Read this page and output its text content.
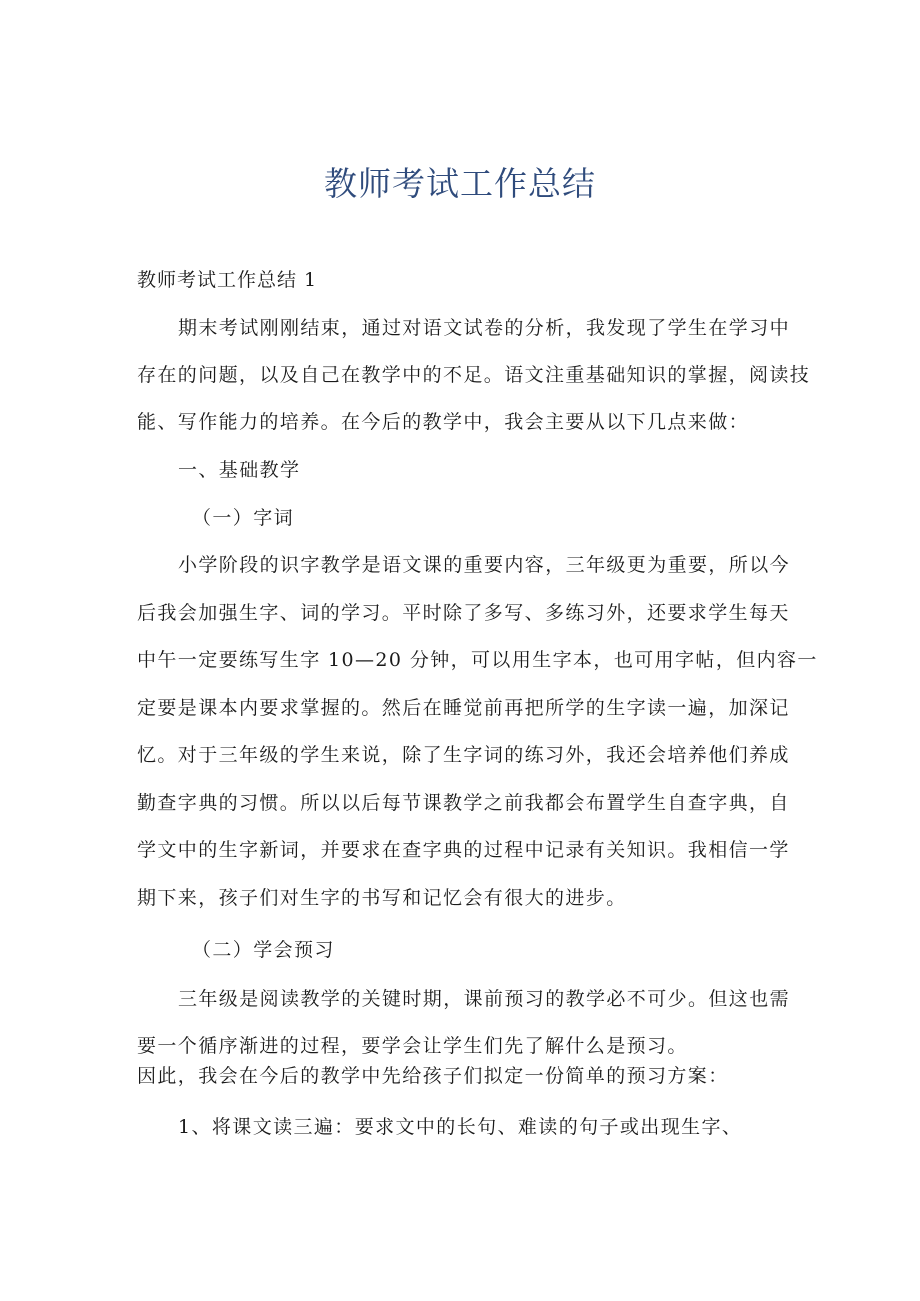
教师考试工作总结
教师考试工作总结 1
期末考试刚刚结束，通过对语文试卷的分析，我发现了学生在学习中
存在的问题，以及自己在教学中的不足。语文注重基础知识的掌握，阅读技
能、写作能力的培养。在今后的教学中，我会主要从以下几点来做：
一、基础教学
（一）字词
小学阶段的识字教学是语文课的重要内容，三年级更为重要，所以今
后我会加强生字、词的学习。平时除了多写、多练习外，还要求学生每天
中午一定要练写生字 10—20 分钟，可以用生字本，也可用字帖，但内容一
定要是课本内要求掌握的。然后在睡觉前再把所学的生字读一遍，加深记
忆。对于三年级的学生来说，除了生字词的练习外，我还会培养他们养成
勤查字典的习惯。所以以后每节课教学之前我都会布置学生自查字典，自
学文中的生字新词，并要求在查字典的过程中记录有关知识。我相信一学
期下来，孩子们对生字的书写和记忆会有很大的进步。
（二）学会预习
三年级是阅读教学的关键时期，课前预习的教学必不可少。但这也需
要一个循序渐进的过程，要学会让学生们先了解什么是预习。
因此，我会在今后的教学中先给孩子们拟定一份简单的预习方案：
1、将课文读三遍：要求文中的长句、难读的句子或出现生字、
